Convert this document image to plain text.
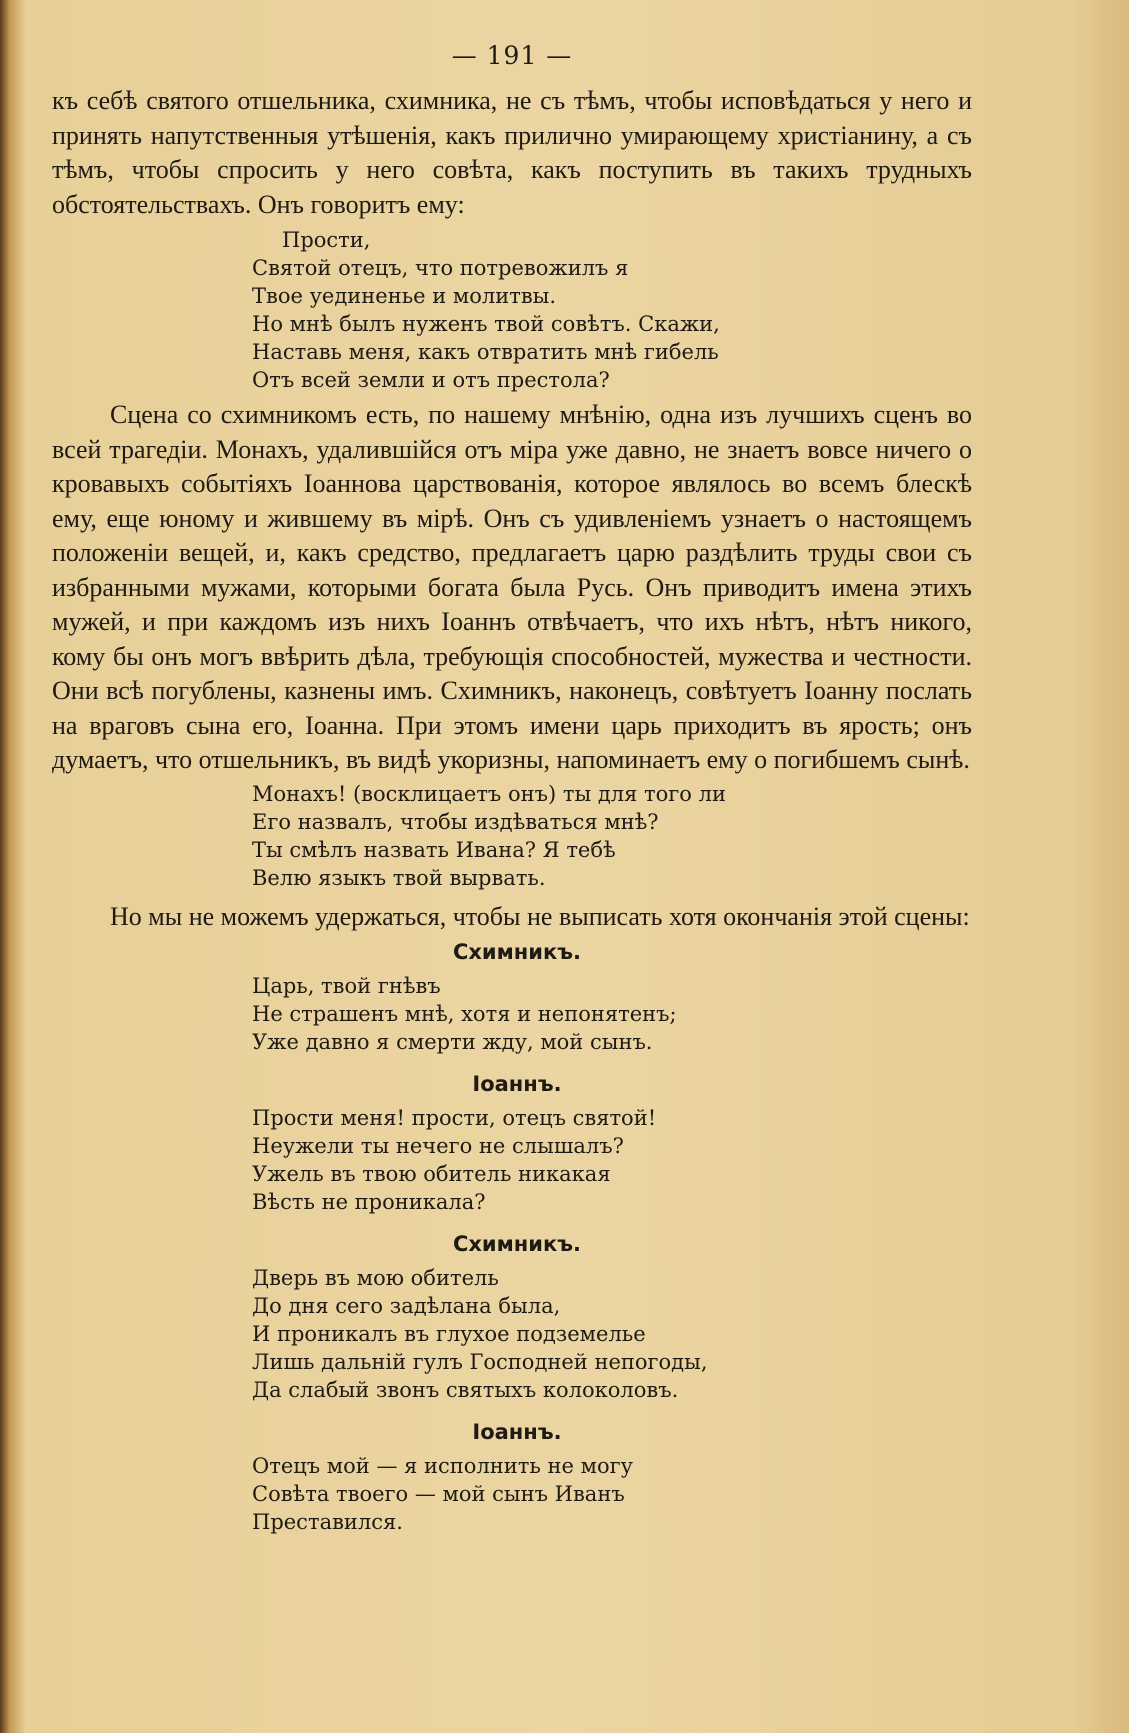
— 191 —

къ себѣ святого отшельника, схимника, не съ тѣмъ, чтобы исповѣдаться у него и принять напутственныя утѣшенія, какъ прилично умирающему христіанину, а съ тѣмъ, чтобы спросить у него совѣта, какъ поступить въ такихъ трудныхъ обстоятельствахъ. Онъ говоритъ ему:

Прости,
Святой отецъ, что потревожилъ я
Твое уединенье и молитвы.
Но мнѣ былъ нуженъ твой совѣтъ. Скажи,
Наставь меня, какъ отвратить мнѣ гибель
Отъ всей земли и отъ престола?

Сцена со схимникомъ есть, по нашему мнѣнію, одна изъ лучшихъ сценъ во всей трагедіи. Монахъ, удалившійся отъ міра уже давно, не знаетъ вовсе ничего о кровавыхъ событіяхъ Іоаннова царствованія, которое являлось во всемъ блескѣ ему, еще юному и жившему въ мірѣ. Онъ съ удивленіемъ узнаетъ о настоящемъ положеніи вещей, и, какъ средство, предлагаетъ царю раздѣлить труды свои съ избранными мужами, которыми богата была Русь. Онъ приводитъ имена этихъ мужей, и при каждомъ изъ нихъ Іоаннъ отвѣчаетъ, что ихъ нѣтъ, нѣтъ никого, кому бы онъ могъ ввѣрить дѣла, требующія способностей, мужества и честности. Они всѣ погублены, казнены имъ. Схимникъ, наконецъ, совѣтуетъ Іоанну послать на враговъ сына его, Іоанна. При этомъ имени царь приходитъ въ ярость; онъ думаетъ, что отшельникъ, въ видѣ укоризны, напоминаетъ ему о погибшемъ сынѣ.

Монахъ! (восклицаетъ онъ) ты для того ли
Его назвалъ, чтобы издѣваться мнѣ?
Ты смѣлъ назвать Ивана? Я тебѣ
Велю языкъ твой вырвать.

Но мы не можемъ удержаться, чтобы не выписать хотя окончанія этой сцены:

Схимникъ.
Царь, твой гнѣвъ
Не страшенъ мнѣ, хотя и непонятенъ;
Уже давно я смерти жду, мой сынъ.
Іоаннъ.
Прости меня! прости, отецъ святой!
Неужели ты нечего не слышалъ?
Ужель въ твою обитель никакая
Вѣсть не проникала?
Схимникъ.
Дверь въ мою обитель
До дня сего задѣлана была,
И проникалъ въ глухое подземелье
Лишь дальній гулъ Господней непогоды,
Да слабый звонъ святыхъ колоколовъ.
Іоаннъ.
Отецъ мой — я исполнить не могу
Совѣта твоего — мой сынъ Иванъ
Преставился.
